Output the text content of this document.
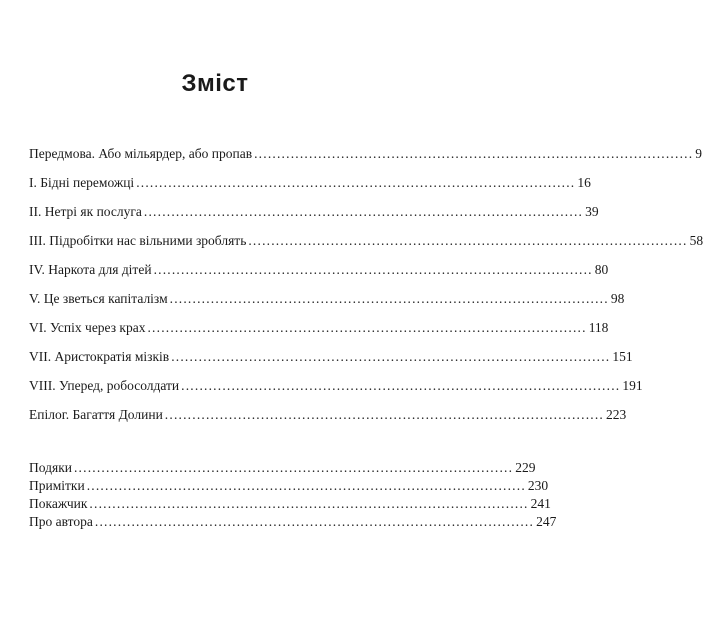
Зміст
Передмова. Або мільярдер, або пропав ................................................................................................ 9
I. Бідні переможці ................................................................................................ 16
II. Нетрі як послуга ................................................................................................ 39
III. Підробітки нас вільними зроблять ................................................................................................ 58
IV. Наркота для дітей ................................................................................................ 80
V. Це зветься капіталізм ................................................................................................ 98
VI. Успіх через крах ................................................................................................ 118
VII. Аристократія мізків ................................................................................................ 151
VIII. Уперед, робосолдати ................................................................................................ 191
Епілог. Багаття Долини ................................................................................................ 223
Подяки ................................................................................................ 229
Примітки ................................................................................................ 230
Покажчик ................................................................................................ 241
Про автора ................................................................................................ 247
